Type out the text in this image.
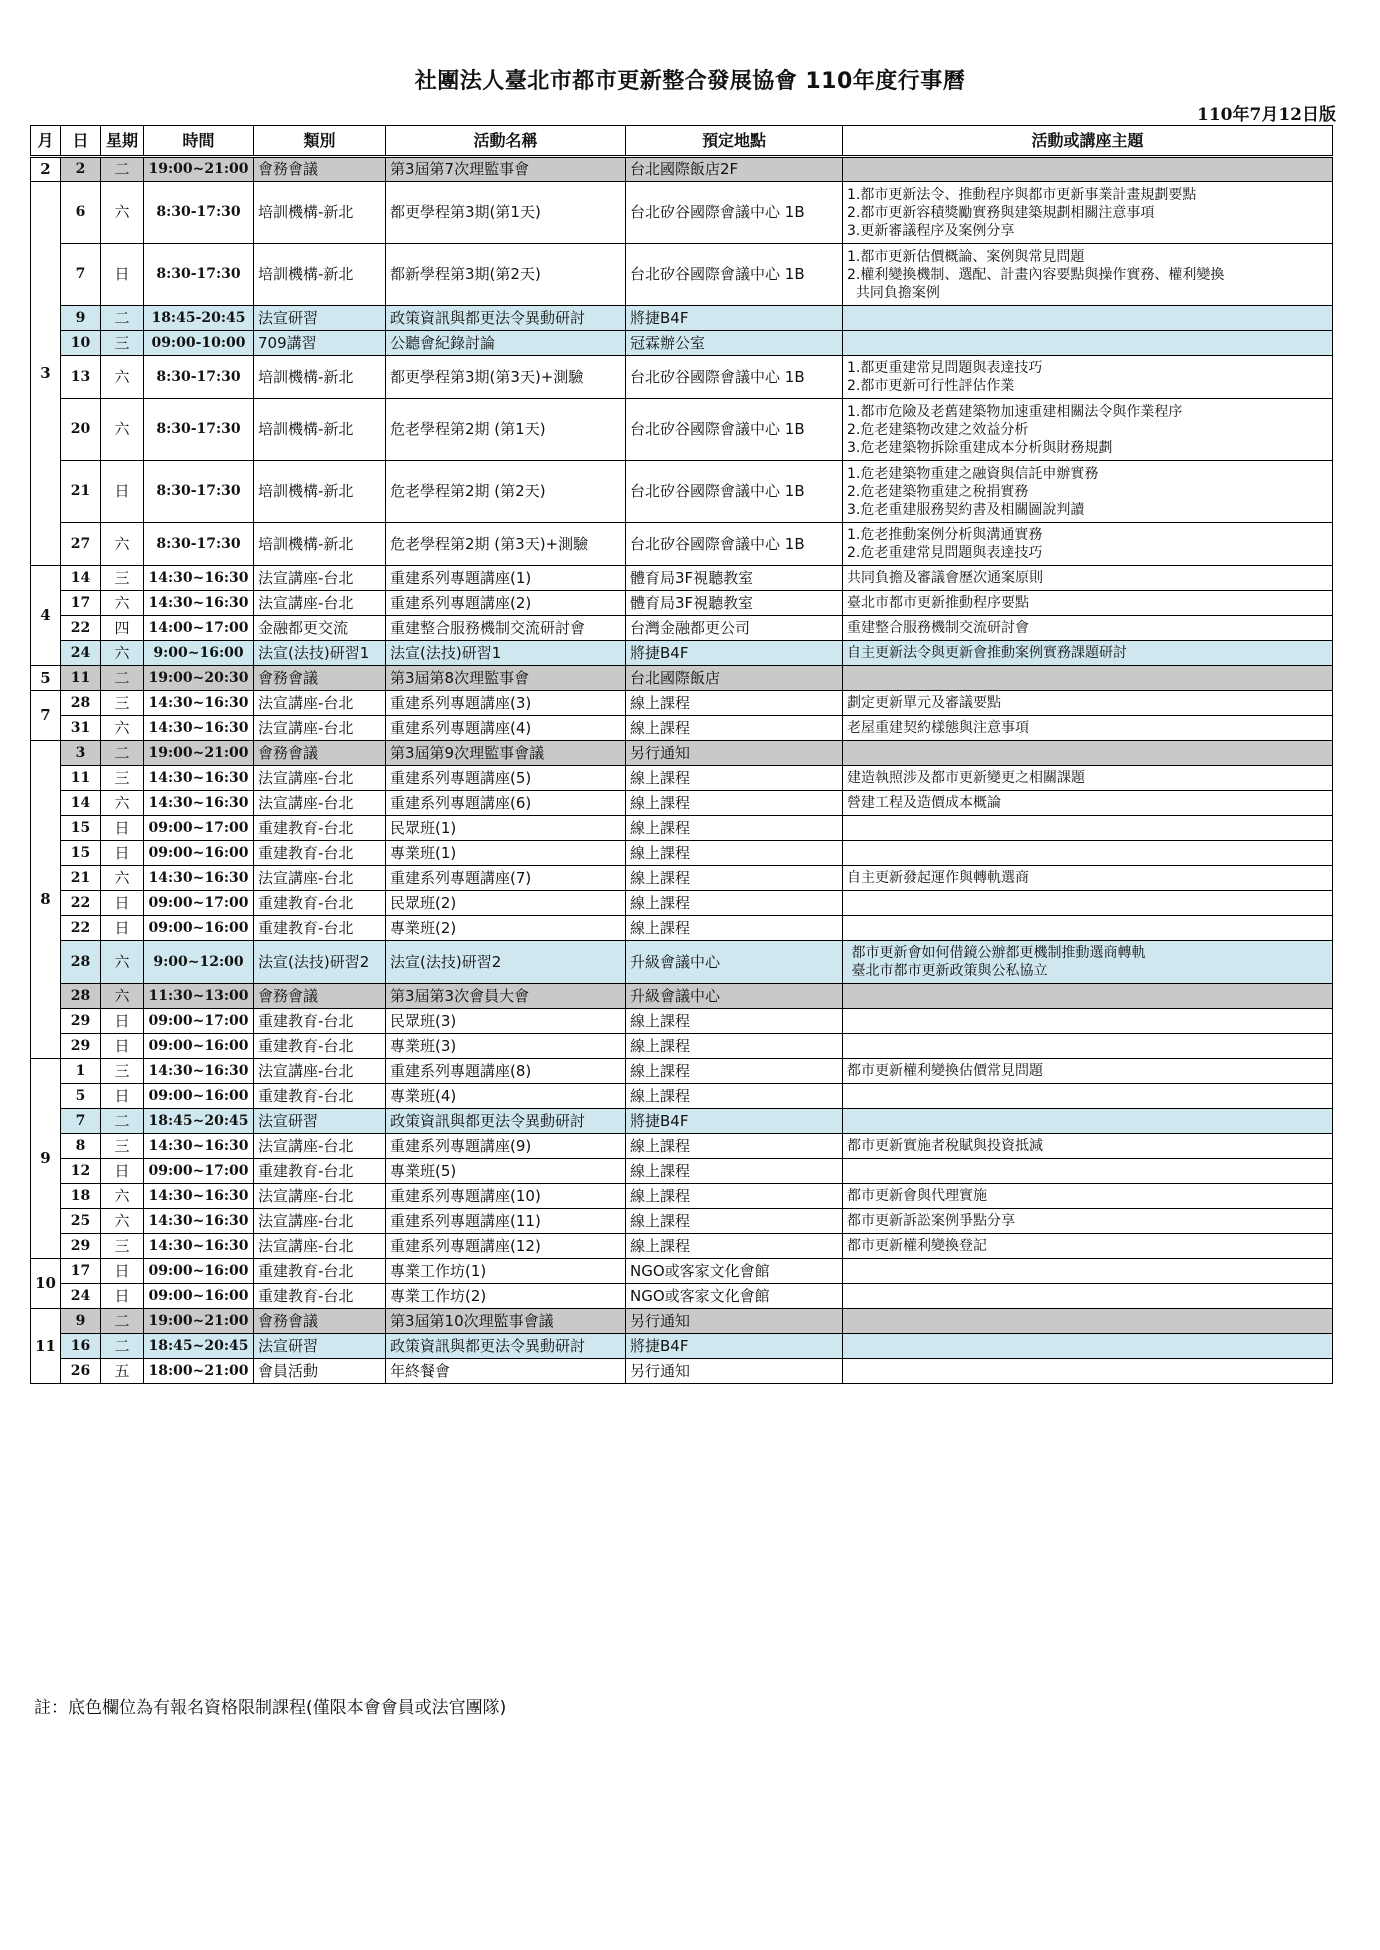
社團法人臺北市都市更新整合發展協會 110年度行事曆
110年7月12日版
月	日	星期	時間	類別	活動名稱	預定地點	活動或講座主題
2	2	二	19:00~21:00	會務會議	第3屆第7次理監事會	台北國際飯店2F	
3	6	六	8:30-17:30	培訓機構-新北	都更學程第3期(第1天)	台北矽谷國際會議中心 1B	1.都市更新法令、推動程序與都市更新事業計畫規劃要點
2.都市更新容積獎勵實務與建築規劃相關注意事項
3.更新審議程序及案例分享

	7	日	8:30-17:30	培訓機構-新北	都新學程第3期(第2天)	台北矽谷國際會議中心 1B	1.都市更新估價概論、案例與常見問題
2.權利變換機制、選配、計畫內容要點與操作實務、權利變換
共同負擔案例

	9	二	18:45-20:45	法宣研習	政策資訊與都更法令異動研討	將捷B4F	
	10	三	09:00-10:00	709講習	公聽會紀錄討論	冠霖辦公室	
	13	六	8:30-17:30	培訓機構-新北	都更學程第3期(第3天)+測驗	台北矽谷國際會議中心 1B	1.都更重建常見問題與表達技巧
2.都市更新可行性評估作業

	20	六	8:30-17:30	培訓機構-新北	危老學程第2期 (第1天)	台北矽谷國際會議中心 1B	1.都市危險及老舊建築物加速重建相關法令與作業程序
2.危老建築物改建之效益分析
3.危老建築物拆除重建成本分析與財務規劃

	21	日	8:30-17:30	培訓機構-新北	危老學程第2期 (第2天)	台北矽谷國際會議中心 1B	1.危老建築物重建之融資與信託申辦實務
2.危老建築物重建之稅捐實務
3.危老重建服務契約書及相關圖說判讀

	27	六	8:30-17:30	培訓機構-新北	危老學程第2期 (第3天)+測驗	台北矽谷國際會議中心 1B	1.危老推動案例分析與溝通實務
2.危老重建常見問題與表達技巧

4	14	三	14:30~16:30	法宣講座-台北	重建系列專題講座(1)	體育局3F視聽教室	共同負擔及審議會歷次通案原則

	17	六	14:30~16:30	法宣講座-台北	重建系列專題講座(2)	體育局3F視聽教室	臺北市都市更新推動程序要點

	22	四	14:00~17:00	金融都更交流	重建整合服務機制交流研討會	台灣金融都更公司	重建整合服務機制交流研討會

	24	六	9:00~16:00	法宣(法技)研習1	法宣(法技)研習1	將捷B4F	自主更新法令與更新會推動案例實務課題研討

5	11	二	19:00~20:30	會務會議	第3屆第8次理監事會	台北國際飯店	
7	28	三	14:30~16:30	法宣講座-台北	重建系列專題講座(3)	線上課程	劃定更新單元及審議要點

	31	六	14:30~16:30	法宣講座-台北	重建系列專題講座(4)	線上課程	老屋重建契約樣態與注意事項

8	3	二	19:00~21:00	會務會議	第3屆第9次理監事會議	另行通知	
	11	三	14:30~16:30	法宣講座-台北	重建系列專題講座(5)	線上課程	建造執照涉及都市更新變更之相關課題

	14	六	14:30~16:30	法宣講座-台北	重建系列專題講座(6)	線上課程	營建工程及造價成本概論

	15	日	09:00~17:00	重建教育-台北	民眾班(1)	線上課程	
	15	日	09:00~16:00	重建教育-台北	專業班(1)	線上課程	
	21	六	14:30~16:30	法宣講座-台北	重建系列專題講座(7)	線上課程	自主更新發起運作與轉軌選商

	22	日	09:00~17:00	重建教育-台北	民眾班(2)	線上課程	
	22	日	09:00~16:00	重建教育-台北	專業班(2)	線上課程	
	28	六	9:00~12:00	法宣(法技)研習2	法宣(法技)研習2	升級會議中心	都市更新會如何借鏡公辦都更機制推動選商轉軌
臺北市都市更新政策與公私協立

	28	六	11:30~13:00	會務會議	第3屆第3次會員大會	升級會議中心	
	29	日	09:00~17:00	重建教育-台北	民眾班(3)	線上課程	
	29	日	09:00~16:00	重建教育-台北	專業班(3)	線上課程	
9	1	三	14:30~16:30	法宣講座-台北	重建系列專題講座(8)	線上課程	都市更新權利變換估價常見問題

	5	日	09:00~16:00	重建教育-台北	專業班(4)	線上課程	
	7	二	18:45~20:45	法宣研習	政策資訊與都更法令異動研討	將捷B4F	
	8	三	14:30~16:30	法宣講座-台北	重建系列專題講座(9)	線上課程	都市更新實施者稅賦與投資抵減

	12	日	09:00~17:00	重建教育-台北	專業班(5)	線上課程	
	18	六	14:30~16:30	法宣講座-台北	重建系列專題講座(10)	線上課程	都市更新會與代理實施

	25	六	14:30~16:30	法宣講座-台北	重建系列專題講座(11)	線上課程	都市更新訴訟案例爭點分享

	29	三	14:30~16:30	法宣講座-台北	重建系列專題講座(12)	線上課程	都市更新權利變換登記

10	17	日	09:00~16:00	重建教育-台北	專業工作坊(1)	NGO或客家文化會館	
	24	日	09:00~16:00	重建教育-台北	專業工作坊(2)	NGO或客家文化會館	
11	9	二	19:00~21:00	會務會議	第3屆第10次理監事會議	另行通知	
	16	二	18:45~20:45	法宣研習	政策資訊與都更法令異動研討	將捷B4F	
	26	五	18:00~21:00	會員活動	年終餐會	另行通知	
註：底色欄位為有報名資格限制課程(僅限本會會員或法官團隊)
